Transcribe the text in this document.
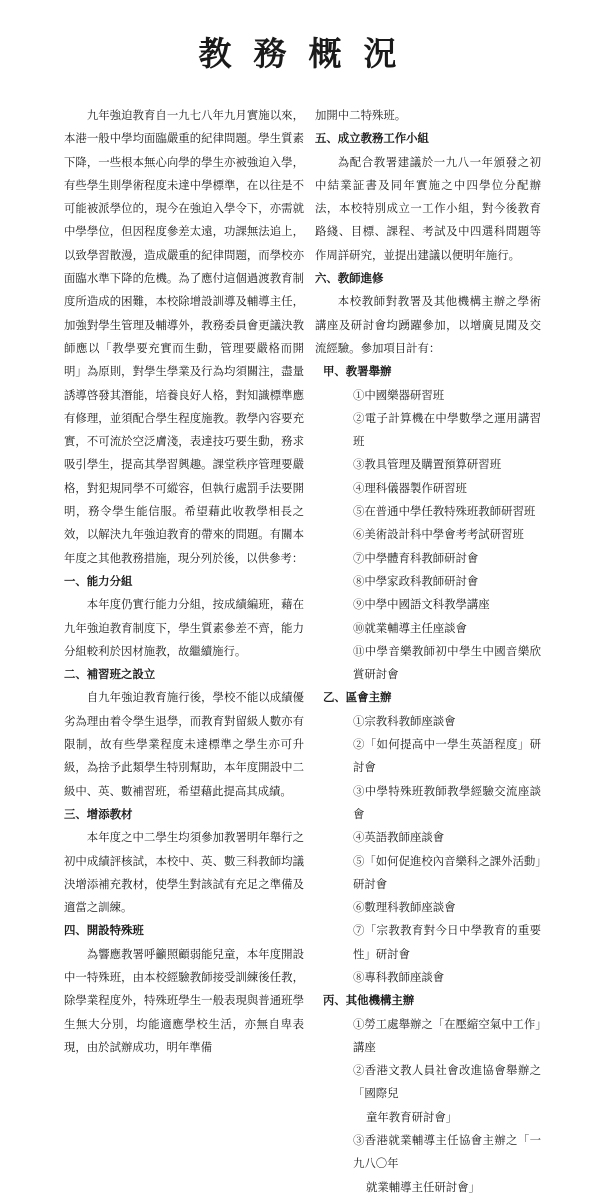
教務概況

九年強迫教育自一九七八年九月實施以來，本港一般中學均面臨嚴重的紀律問題。學生質素下降，一些根本無心向學的學生亦被強迫入學，有些學生則學術程度未達中學標準，在以往是不可能被派學位的，現今在強迫入學令下，亦需就中學學位，但因程度參差太遠，功課無法追上，以致學習散漫，造成嚴重的紀律問題，而學校亦面臨水準下降的危機。為了應付這個過渡教育制度所造成的困難，本校除增設訓導及輔導主任，加強對學生管理及輔導外，教務委員會更議決教師應以「教學要充實而生動，管理要嚴格而開明」為原則，對學生學業及行為均須關注，盡量誘導啓發其潛能，培養良好人格，對知識標準應有修理，並須配合學生程度施教。教學內容要充實，不可流於空泛膚淺，表達技巧要生動，務求吸引學生，提高其學習興趣。課堂秩序管理要嚴格，對犯規同學不可縱容，但執行處罰手法要開明，務令學生能信服。希望藉此收教學相長之效，以解決九年強迫教育的帶來的問題。有關本年度之其他教務措施，現分列於後，以供參考：

一、能力分組

本年度仍實行能力分組，按成績編班，藉在九年強迫教育制度下，學生質素參差不齊，能力分組較利於因材施教，故繼續施行。

二、補習班之設立

自九年強迫教育施行後，學校不能以成績優劣為理由着令學生退學，而教育對留級人數亦有限制，故有些學業程度未達標準之學生亦可升級，為捨予此類學生特別幫助，本年度開設中二級中、英、數補習班，希望藉此提高其成績。

三、增添教材

本年度之中二學生均須參加教署明年舉行之初中成績評核試，本校中、英、數三科教師均議決增添補充教材，使學生對該試有充足之準備及適當之訓練。

四、開設特殊班

為響應教署呼籲照顧弱能兒童，本年度開設中一特殊班，由本校經驗教師接受訓練後任教，除學業程度外，特殊班學生一般表現與普通班學生無大分別，均能適應學校生活，亦無自卑表現，由於試辦成功，明年準備

加開中二特殊班。

五、成立教務工作小組

為配合教署建議於一九八一年頒發之初中結業証書及同年實施之中四學位分配辦法，本校特別成立一工作小組，對今後教育路綫、目標、課程、考試及中四選科問題等作周詳研究，並提出建議以便明年施行。

六、教師進修

本校教師對教署及其他機構主辦之學術講座及研討會均踴躍參加，以增廣見聞及交流經驗。參加項目計有：

甲、教署舉辦

①中國樂器研習班

②電子計算機在中學數學之運用講習班

③教具管理及購置預算研習班

④理科儀器製作研習班

⑤在普通中學任教特殊班教師研習班

⑥美術設計科中學會考考試研習班

⑦中學體育科教師研討會

⑧中學家政科教師研討會

⑨中學中國語文科教學講座

⑩就業輔導主任座談會

⑪中學音樂教師初中學生中國音樂欣賞研討會

乙、區會主辦

①宗教科教師座談會

②「如何提高中一學生英語程度」研討會

③中學特殊班教師教學經驗交流座談會

④英語教師座談會

⑤「如何促進校內音樂科之課外活動」研討會

⑥數理科教師座談會

⑦「宗教教育對今日中學教育的重要性」研討會

⑧專科教師座談會

丙、其他機構主辦

①勞工處舉辦之「在壓縮空氣中工作」講座

②香港文教人員社會改進協會舉辦之「國際兒

童年教育研討會」

③香港就業輔導主任協會主辦之「一九八〇年

就業輔導主任研討會」
